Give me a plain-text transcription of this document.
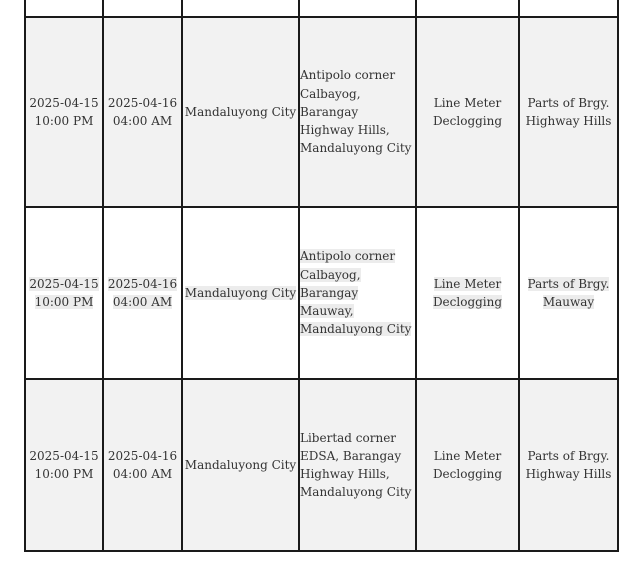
2025-04-15 10:00 PM	2025-04-16 04:00 AM	Mandaluyong City	Antipolo corner Calbayog, Barangay Highway Hills, Mandaluyong City	Line Meter Declogging	Parts of Brgy. Highway Hills
2025-04-15 10:00 PM	2025-04-16 04:00 AM	Mandaluyong City	Antipolo corner Calbayog, Barangay Mauway, Mandaluyong City	Line Meter Declogging	Parts of Brgy. Mauway
2025-04-15 10:00 PM	2025-04-16 04:00 AM	Mandaluyong City	Libertad corner EDSA, Barangay Highway Hills, Mandaluyong City	Line Meter Declogging	Parts of Brgy. Highway Hills
